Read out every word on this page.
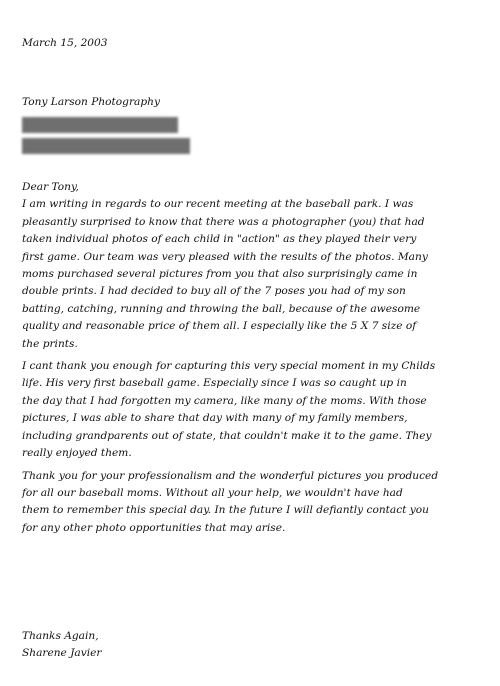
March 15, 2003
Tony Larson Photography
Dear Tony,
I am writing in regards to our recent meeting at the baseball park. I was
pleasantly surprised to know that there was a photographer (you) that had
taken individual photos of each child in "action" as they played their very
first game. Our team was very pleased with the results of the photos. Many
moms purchased several pictures from you that also surprisingly came in
double prints. I had decided to buy all of the 7 poses you had of my son
batting, catching, running and throwing the ball, because of the awesome
quality and reasonable price of them all. I especially like the 5 X 7 size of
the prints.
I cant thank you enough for capturing this very special moment in my Childs
life. His very first baseball game. Especially since I was so caught up in
the day that I had forgotten my camera, like many of the moms. With those
pictures, I was able to share that day with many of my family members,
including grandparents out of state, that couldn't make it to the game. They
really enjoyed them.
Thank you for your professionalism and the wonderful pictures you produced
for all our baseball moms. Without all your help, we wouldn't have had
them to remember this special day. In the future I will defiantly contact you
for any other photo opportunities that may arise.
Thanks Again,
Sharene Javier
